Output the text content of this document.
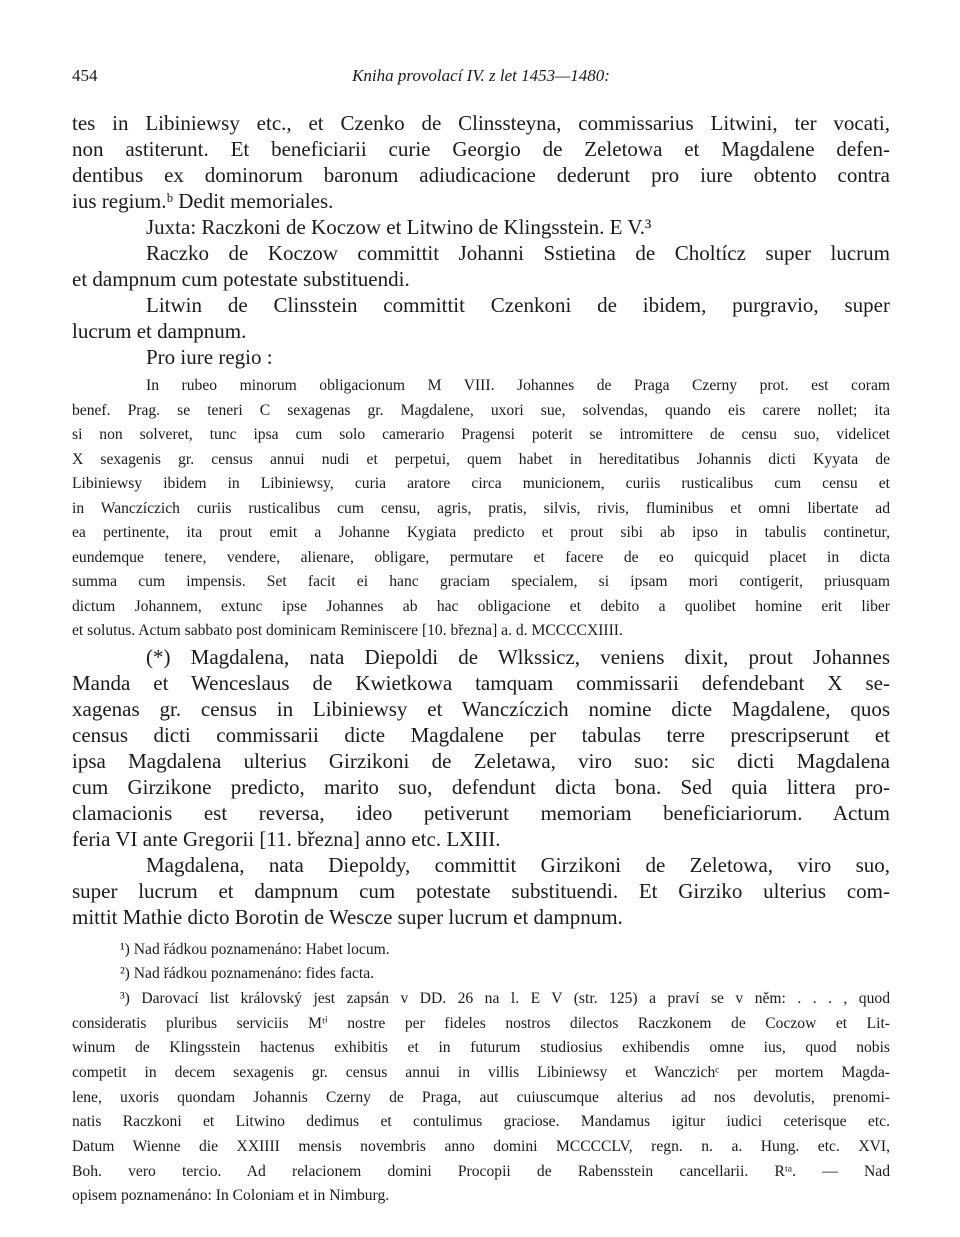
454	Kniha provolací IV. z let 1453—1480:
tes in Libiniewsy etc., et Czenko de Clinssteyna, commissarius Litwini, ter vocati,
non astiterunt. Et beneficiarii curie Georgio de Zeletowa et Magdalene defen-
dentibus ex dominorum baronum adiudicacione dederunt pro iure obtento contra
ius regium.ᵇ Dedit memoriales.
Juxta: Raczkoni de Koczow et Litwino de Klingsstein. E V.³
Raczko de Koczow committit Johanni Sstietina de Choltícz super lucrum
et dampnum cum potestate substituendi.
Litwin de Clinsstein committit Czenkoni de ibidem, purgravio, super
lucrum et dampnum.
Pro iure regio :
In rubeo minorum obligacionum M VIII. Johannes de Praga Czerny prot. est coram
benef. Prag. se teneri C sexagenas gr. Magdalene, uxori sue, solvendas, quando eis carere nollet; ita
si non solveret, tunc ipsa cum solo camerario Pragensi poterit se intromittere de censu suo, videlicet
X sexagenis gr. census annui nudi et perpetui, quem habet in hereditatibus Johannis dicti Kyyata de
Libiniewsy ibidem in Libiniewsy, curia aratore circa municionem, curiis rusticalibus cum censu et
in Wanczíczich curiis rusticalibus cum censu, agris, pratis, silvis, rivis, fluminibus et omni libertate ad
ea pertinente, ita prout emit a Johanne Kygiata predicto et prout sibi ab ipso in tabulis continetur,
eundemque tenere, vendere, alienare, obligare, permutare et facere de eo quicquid placet in dicta
summa cum impensis. Set facit ei hanc graciam specialem, si ipsam mori contigerit, priusquam
dictum Johannem, extunc ipse Johannes ab hac obligacione et debito a quolibet homine erit liber
et solutus. Actum sabbato post dominicam Reminiscere [10. března] a. d. MCCCCXIIII.
(*) Magdalena, nata Diepoldi de Wlkssicz, veniens dixit, prout Johannes
Manda et Wenceslaus de Kwietkowa tamquam commissarii defendebant X se-
xagenas gr. census in Libiniewsy et Wanczíczich nomine dicte Magdalene, quos
census dicti commissarii dicte Magdalene per tabulas terre prescripserunt et
ipsa Magdalena ulterius Girzikoni de Zeletawa, viro suo: sic dicti Magdalena
cum Girzikone predicto, marito suo, defendunt dicta bona. Sed quia littera pro-
clamacionis est reversa, ideo petiverunt memoriam beneficiariorum. Actum
feria VI ante Gregorii [11. března] anno etc. LXIII.
Magdalena, nata Diepoldy, committit Girzikoni de Zeletowa, viro suo,
super lucrum et dampnum cum potestate substituendi. Et Girziko ulterius com-
mittit Mathie dicto Borotin de Wescze super lucrum et dampnum.
¹) Nad řádkou poznamenáno: Habet locum.
²) Nad řádkou poznamenáno: fides facta.
³) Darovací list královský jest zapsán v DD. 26 na l. E V (str. 125) a praví se v něm: . . . , quod
consideratis pluribus serviciis Mᵗⁱ nostre per fideles nostros dilectos Raczkonem de Coczow et Lit-
winum de Klingsstein hactenus exhibitis et in futurum studiosius exhibendis omne ius, quod nobis
competit in decem sexagenis gr. census annui in villis Libiniewsy et Wanczichᶜ per mortem Magda-
lene, uxoris quondam Johannis Czerny de Praga, aut cuiuscumque alterius ad nos devolutis, prenomi-
natis Raczkoni et Litwino dedimus et contulimus graciose. Mandamus igitur iudici ceterisque etc.
Datum Wienne die XXIIII mensis novembris anno domini MCCCCLV, regn. n. a. Hung. etc. XVI,
Boh. vero tercio. Ad relacionem domini Procopii de Rabensstein cancellarii. Rᵗᵃ. — Nad
opisem poznamenáno: In Coloniam et in Nimburg.
